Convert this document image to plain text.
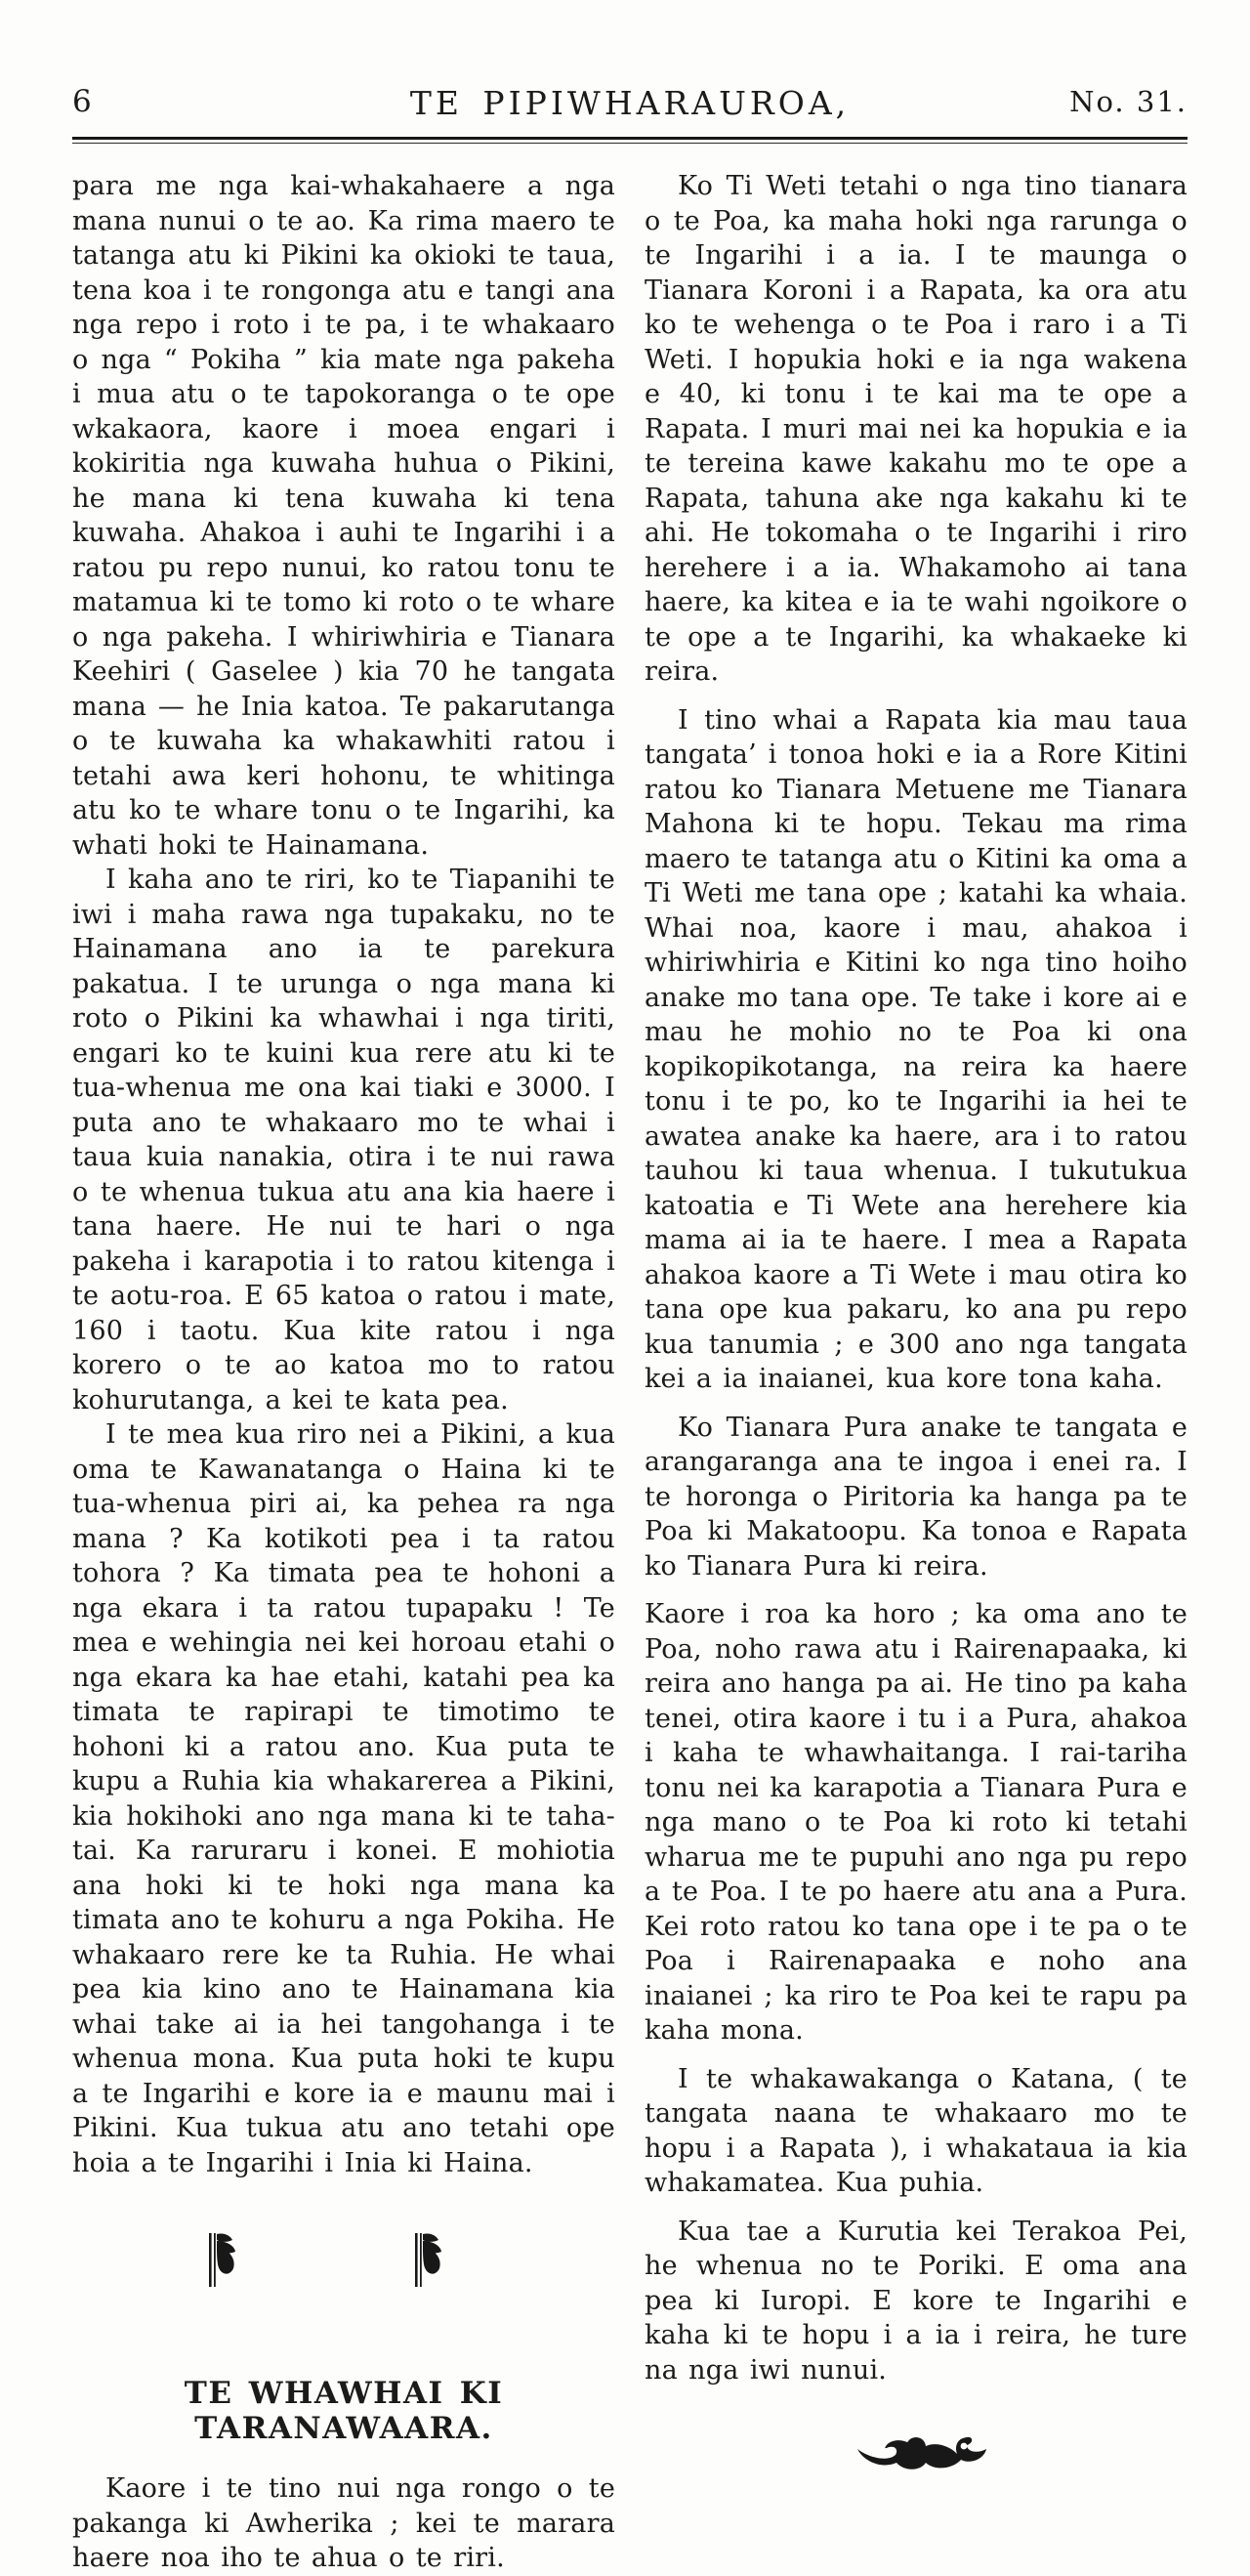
6	TE PIPIWHARAUROA,	No. 31.

para me nga kai-whakahaere a nga mana nunui o te ao. Ka rima maero te tatanga atu ki Pikini ka okioki te taua, tena koa i te rongonga atu e tangi ana nga repo i roto i te pa, i te whakaaro o nga “ Pokiha ” kia mate nga pakeha i mua atu o te tapokoranga o te ope wkakaora, kaore i moea engari i kokiritia nga kuwaha huhua o Pikini, he mana ki tena kuwaha ki tena kuwaha. Ahakoa i auhi te Ingarihi i a ratou pu repo nunui, ko ratou tonu te matamua ki te tomo ki roto o te whare o nga pakeha. I whiriwhiria e Tianara Keehiri ( Gaselee ) kia 70 he tangata mana — he Inia katoa. Te pakarutanga o te kuwaha ka whakawhiti ratou i tetahi awa keri hohonu, te whitinga atu ko te whare tonu o te Ingarihi, ka whati hoki te Hainamana.

I kaha ano te riri, ko te Tiapanihi te iwi i maha rawa nga tupakaku, no te Hainamana ano ia te parekura pakatua. I te urunga o nga mana ki roto o Pikini ka whawhai i nga tiriti, engari ko te kuini kua rere atu ki te tua-whenua me ona kai tiaki e 3000. I puta ano te whakaaro mo te whai i taua kuia nanakia, otira i te nui rawa o te whenua tukua atu ana kia haere i tana haere. He nui te hari o nga pakeha i karapotia i to ratou kitenga i te aotu-roa. E 65 katoa o ratou i mate, 160 i taotu. Kua kite ratou i nga korero o te ao katoa mo to ratou kohurutanga, a kei te kata pea.

I te mea kua riro nei a Pikini, a kua oma te Kawanatanga o Haina ki te tua-whenua piri ai, ka pehea ra nga mana ? Ka kotikoti pea i ta ratou tohora ? Ka timata pea te hohoni a nga ekara i ta ratou tupapaku ! Te mea e wehingia nei kei horoau etahi o nga ekara ka hae etahi, katahi pea ka timata te rapirapi te timotimo te hohoni ki a ratou ano. Kua puta te kupu a Ruhia kia whakarerea a Pikini, kia hokihoki ano nga mana ki te taha-tai. Ka raruraru i konei. E mohiotia ana hoki ki te hoki nga mana ka timata ano te kohuru a nga Pokiha. He whakaaro rere ke ta Ruhia. He whai pea kia kino ano te Hainamana kia whai take ai ia hei tangohanga i te whenua mona. Kua puta hoki te kupu a te Ingarihi e kore ia e maunu mai i Pikini. Kua tukua atu ano tetahi ope hoia a te Ingarihi i Inia ki Haina.

TE WHAWHAI KI TARANAWAARA.

Kaore i te tino nui nga rongo o te pakanga ki Awherika ; kei te marara haere noa iho te ahua o te riri.

Ko Ti Weti tetahi o nga tino tianara o te Poa, ka maha hoki nga rarunga o te Ingarihi i a ia. I te maunga o Tianara Koroni i a Rapata, ka ora atu ko te wehenga o te Poa i raro i a Ti Weti. I hopukia hoki e ia nga wakena e 40, ki tonu i te kai ma te ope a Rapata. I muri mai nei ka hopukia e ia te tereina kawe kakahu mo te ope a Rapata, tahuna ake nga kakahu ki te ahi. He tokomaha o te Ingarihi i riro herehere i a ia. Whakamoho ai tana haere, ka kitea e ia te wahi ngoikore o te ope a te Ingarihi, ka whakaeke ki reira.

I tino whai a Rapata kia mau taua tangata’ i tonoa hoki e ia a Rore Kitini ratou ko Tianara Metuene me Tianara Mahona ki te hopu. Tekau ma rima maero te tatanga atu o Kitini ka oma a Ti Weti me tana ope ; katahi ka whaia. Whai noa, kaore i mau, ahakoa i whiriwhiria e Kitini ko nga tino hoiho anake mo tana ope. Te take i kore ai e mau he mohio no te Poa ki ona kopikopikotanga, na reira ka haere tonu i te po, ko te Ingarihi ia hei te awatea anake ka haere, ara i to ratou tauhou ki taua whenua. I tukutukua katoatia e Ti Wete ana herehere kia mama ai ia te haere. I mea a Rapata ahakoa kaore a Ti Wete i mau otira ko tana ope kua pakaru, ko ana pu repo kua tanumia ; e 300 ano nga tangata kei a ia inaianei, kua kore tona kaha.

Ko Tianara Pura anake te tangata e arangaranga ana te ingoa i enei ra. I te horonga o Piritoria ka hanga pa te Poa ki Makatoopu. Ka tonoa e Rapata ko Tianara Pura ki reira.

Kaore i roa ka horo ; ka oma ano te Poa, noho rawa atu i Rairenapaaka, ki reira ano hanga pa ai. He tino pa kaha tenei, otira kaore i tu i a Pura, ahakoa i kaha te whawhaitanga. I rai-tariha tonu nei ka karapotia a Tianara Pura e nga mano o te Poa ki roto ki tetahi wharua me te pupuhi ano nga pu repo a te Poa. I te po haere atu ana a Pura. Kei roto ratou ko tana ope i te pa o te Poa i Rairenapaaka e noho ana inaianei ; ka riro te Poa kei te rapu pa kaha mona.

I te whakawakanga o Katana, ( te tangata naana te whakaaro mo te hopu i a Rapata ), i whakataua ia kia whakamatea. Kua puhia.

Kua tae a Kurutia kei Terakoa Pei, he whenua no te Poriki. E oma ana pea ki Iuropi. E kore te Ingarihi e kaha ki te hopu i a ia i reira, he ture na nga iwi nunui.
